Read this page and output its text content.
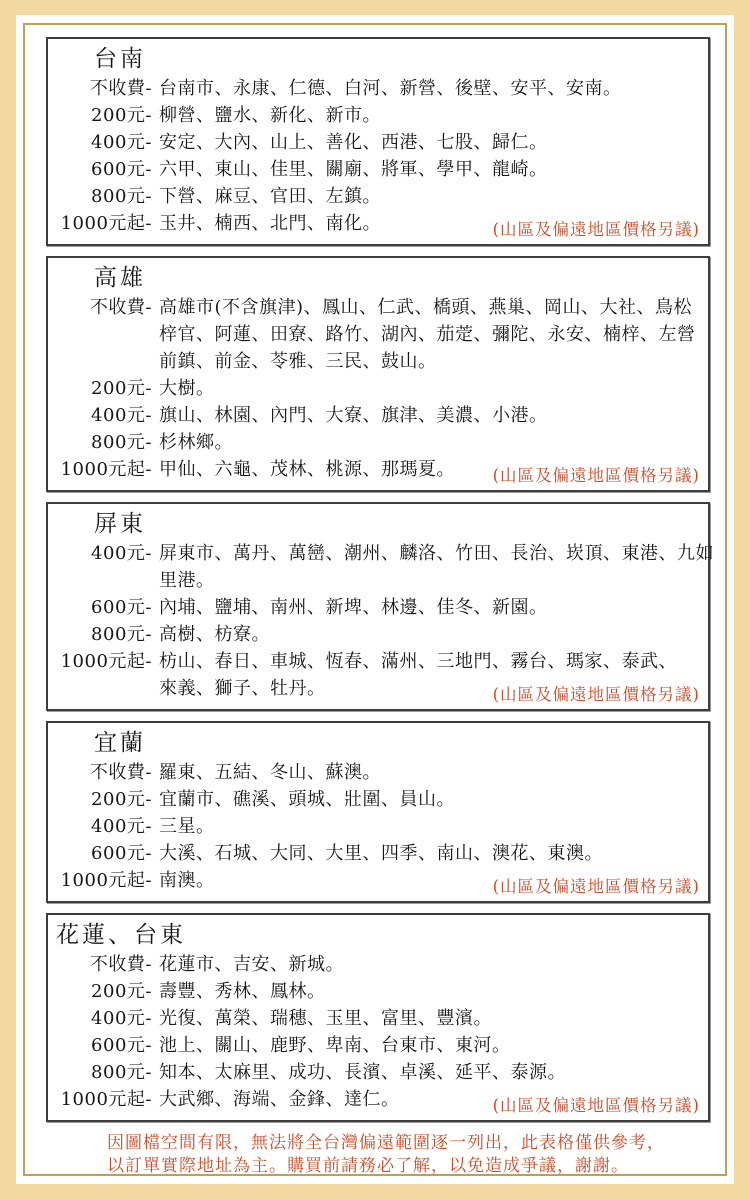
台南
不收費- 台南市、永康、仁德、白河、新營、後壁、安平、安南。
200元- 柳營、鹽水、新化、新市。
400元- 安定、大內、山上、善化、西港、七股、歸仁。
600元- 六甲、東山、佳里、關廟、將軍、學甲、龍崎。
800元- 下營、麻豆、官田、左鎮。
1000元起- 玉井、楠西、北門、南化。	(山區及偏遠地區價格另議)
高雄
不收費- 高雄市(不含旗津)、鳳山、仁武、橋頭、燕巢、岡山、大社、鳥松
梓官、阿蓮、田寮、路竹、湖內、茄萣、彌陀、永安、楠梓、左營
前鎮、前金、苓雅、三民、鼓山。
200元- 大樹。
400元- 旗山、林園、內門、大寮、旗津、美濃、小港。
800元- 杉林鄉。
1000元起- 甲仙、六龜、茂林、桃源、那瑪夏。	(山區及偏遠地區價格另議)
屏東
400元- 屏東市、萬丹、萬巒、潮州、麟洛、竹田、長治、崁頂、東港、九如
里港。
600元- 內埔、鹽埔、南州、新埤、林邊、佳冬、新園。
800元- 高樹、枋寮。
1000元起- 枋山、春日、車城、恆春、滿州、三地門、霧台、瑪家、泰武、
來義、獅子、牡丹。	(山區及偏遠地區價格另議)
宜蘭
不收費- 羅東、五結、冬山、蘇澳。
200元- 宜蘭市、礁溪、頭城、壯圍、員山。
400元- 三星。
600元- 大溪、石城、大同、大里、四季、南山、澳花、東澳。
1000元起- 南澳。	(山區及偏遠地區價格另議)
花蓮、台東
不收費- 花蓮市、吉安、新城。
200元- 壽豐、秀林、鳳林。
400元- 光復、萬榮、瑞穗、玉里、富里、豐濱。
600元- 池上、關山、鹿野、卑南、台東市、東河。
800元- 知本、太麻里、成功、長濱、卓溪、延平、泰源。
1000元起- 大武鄉、海端、金鋒、達仁。	(山區及偏遠地區價格另議)
因圖檔空間有限，無法將全台灣偏遠範圍逐一列出，此表格僅供參考，
以訂單實際地址為主。購買前請務必了解，以免造成爭議，謝謝。
